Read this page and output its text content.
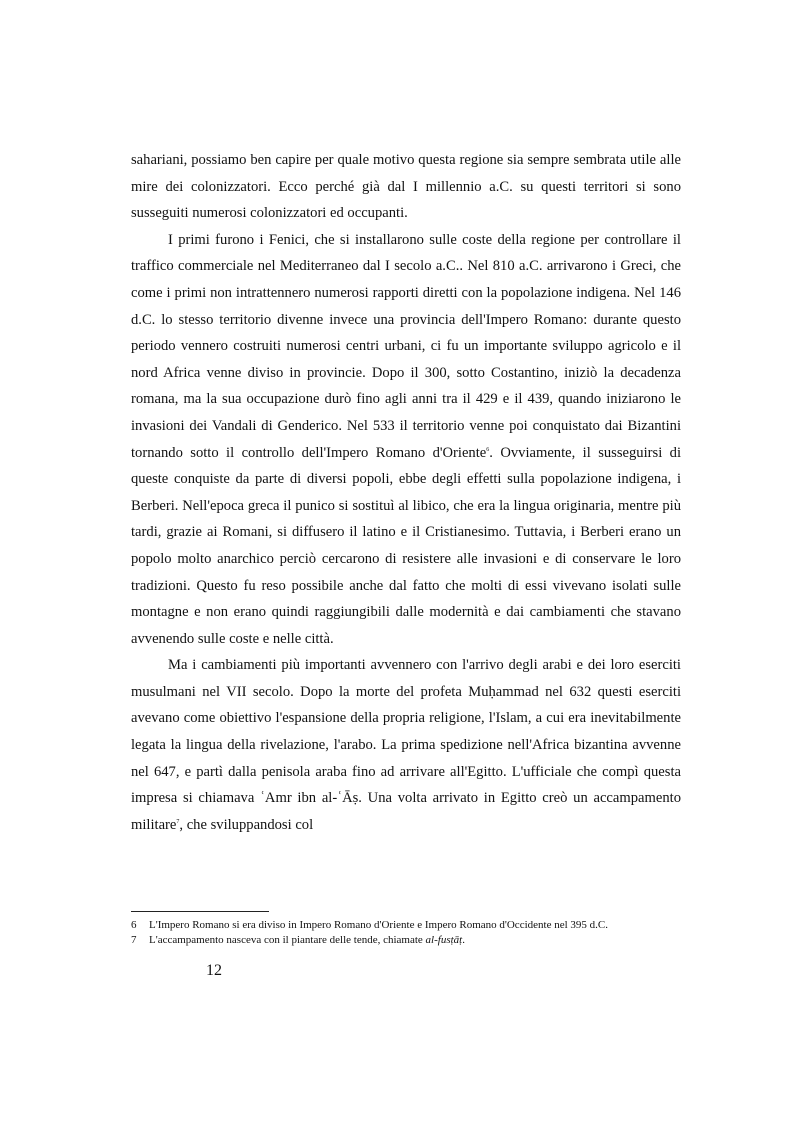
sahariani, possiamo ben capire per quale motivo questa regione sia sempre sembrata utile alle mire dei colonizzatori. Ecco perché già dal I millennio a.C. su questi territori si sono susseguiti numerosi colonizzatori ed occupanti.

I primi furono i Fenici, che si installarono sulle coste della regione per controllare il traffico commerciale nel Mediterraneo dal I secolo a.C.. Nel 810 a.C. arrivarono i Greci, che come i primi non intrattennero numerosi rapporti diretti con la popolazione indigena. Nel 146 d.C. lo stesso territorio divenne invece una provincia dell'Impero Romano: durante questo periodo vennero costruiti numerosi centri urbani, ci fu un importante sviluppo agricolo e il nord Africa venne diviso in provincie. Dopo il 300, sotto Costantino, iniziò la decadenza romana, ma la sua occupazione durò fino agli anni tra il 429 e il 439, quando iniziarono le invasioni dei Vandali di Genderico. Nel 533 il territorio venne poi conquistato dai Bizantini tornando sotto il controllo dell'Impero Romano d'Oriente$^6$. Ovviamente, il susseguirsi di queste conquiste da parte di diversi popoli, ebbe degli effetti sulla popolazione indigena, i Berberi. Nell'epoca greca il punico si sostituì al libico, che era la lingua originaria, mentre più tardi, grazie ai Romani, si diffusero il latino e il Cristianesimo. Tuttavia, i Berberi erano un popolo molto anarchico perciò cercarono di resistere alle invasioni e di conservare le loro tradizioni. Questo fu reso possibile anche dal fatto che molti di essi vivevano isolati sulle montagne e non erano quindi raggiungibili dalle modernità e dai cambiamenti che stavano avvenendo sulle coste e nelle città.

Ma i cambiamenti più importanti avvennero con l'arrivo degli arabi e dei loro eserciti musulmani nel VII secolo. Dopo la morte del profeta Muḥammad nel 632 questi eserciti avevano come obiettivo l'espansione della propria religione, l'Islam, a cui era inevitabilmente legata la lingua della rivelazione, l'arabo. La prima spedizione nell'Africa bizantina avvenne nel 647, e partì dalla penisola araba fino ad arrivare all'Egitto. L'ufficiale che compì questa impresa si chiamava ʿAmr ibn al-ʿĀṣ. Una volta arrivato in Egitto creò un accampamento militare$^7$, che sviluppandosi col

6	L'Impero Romano si era diviso in Impero Romano d'Oriente e Impero Romano d'Occidente nel 395 d.C.
7	L'accampamento nasceva con il piantare delle tende, chiamate al-fusṭāṭ.
12
